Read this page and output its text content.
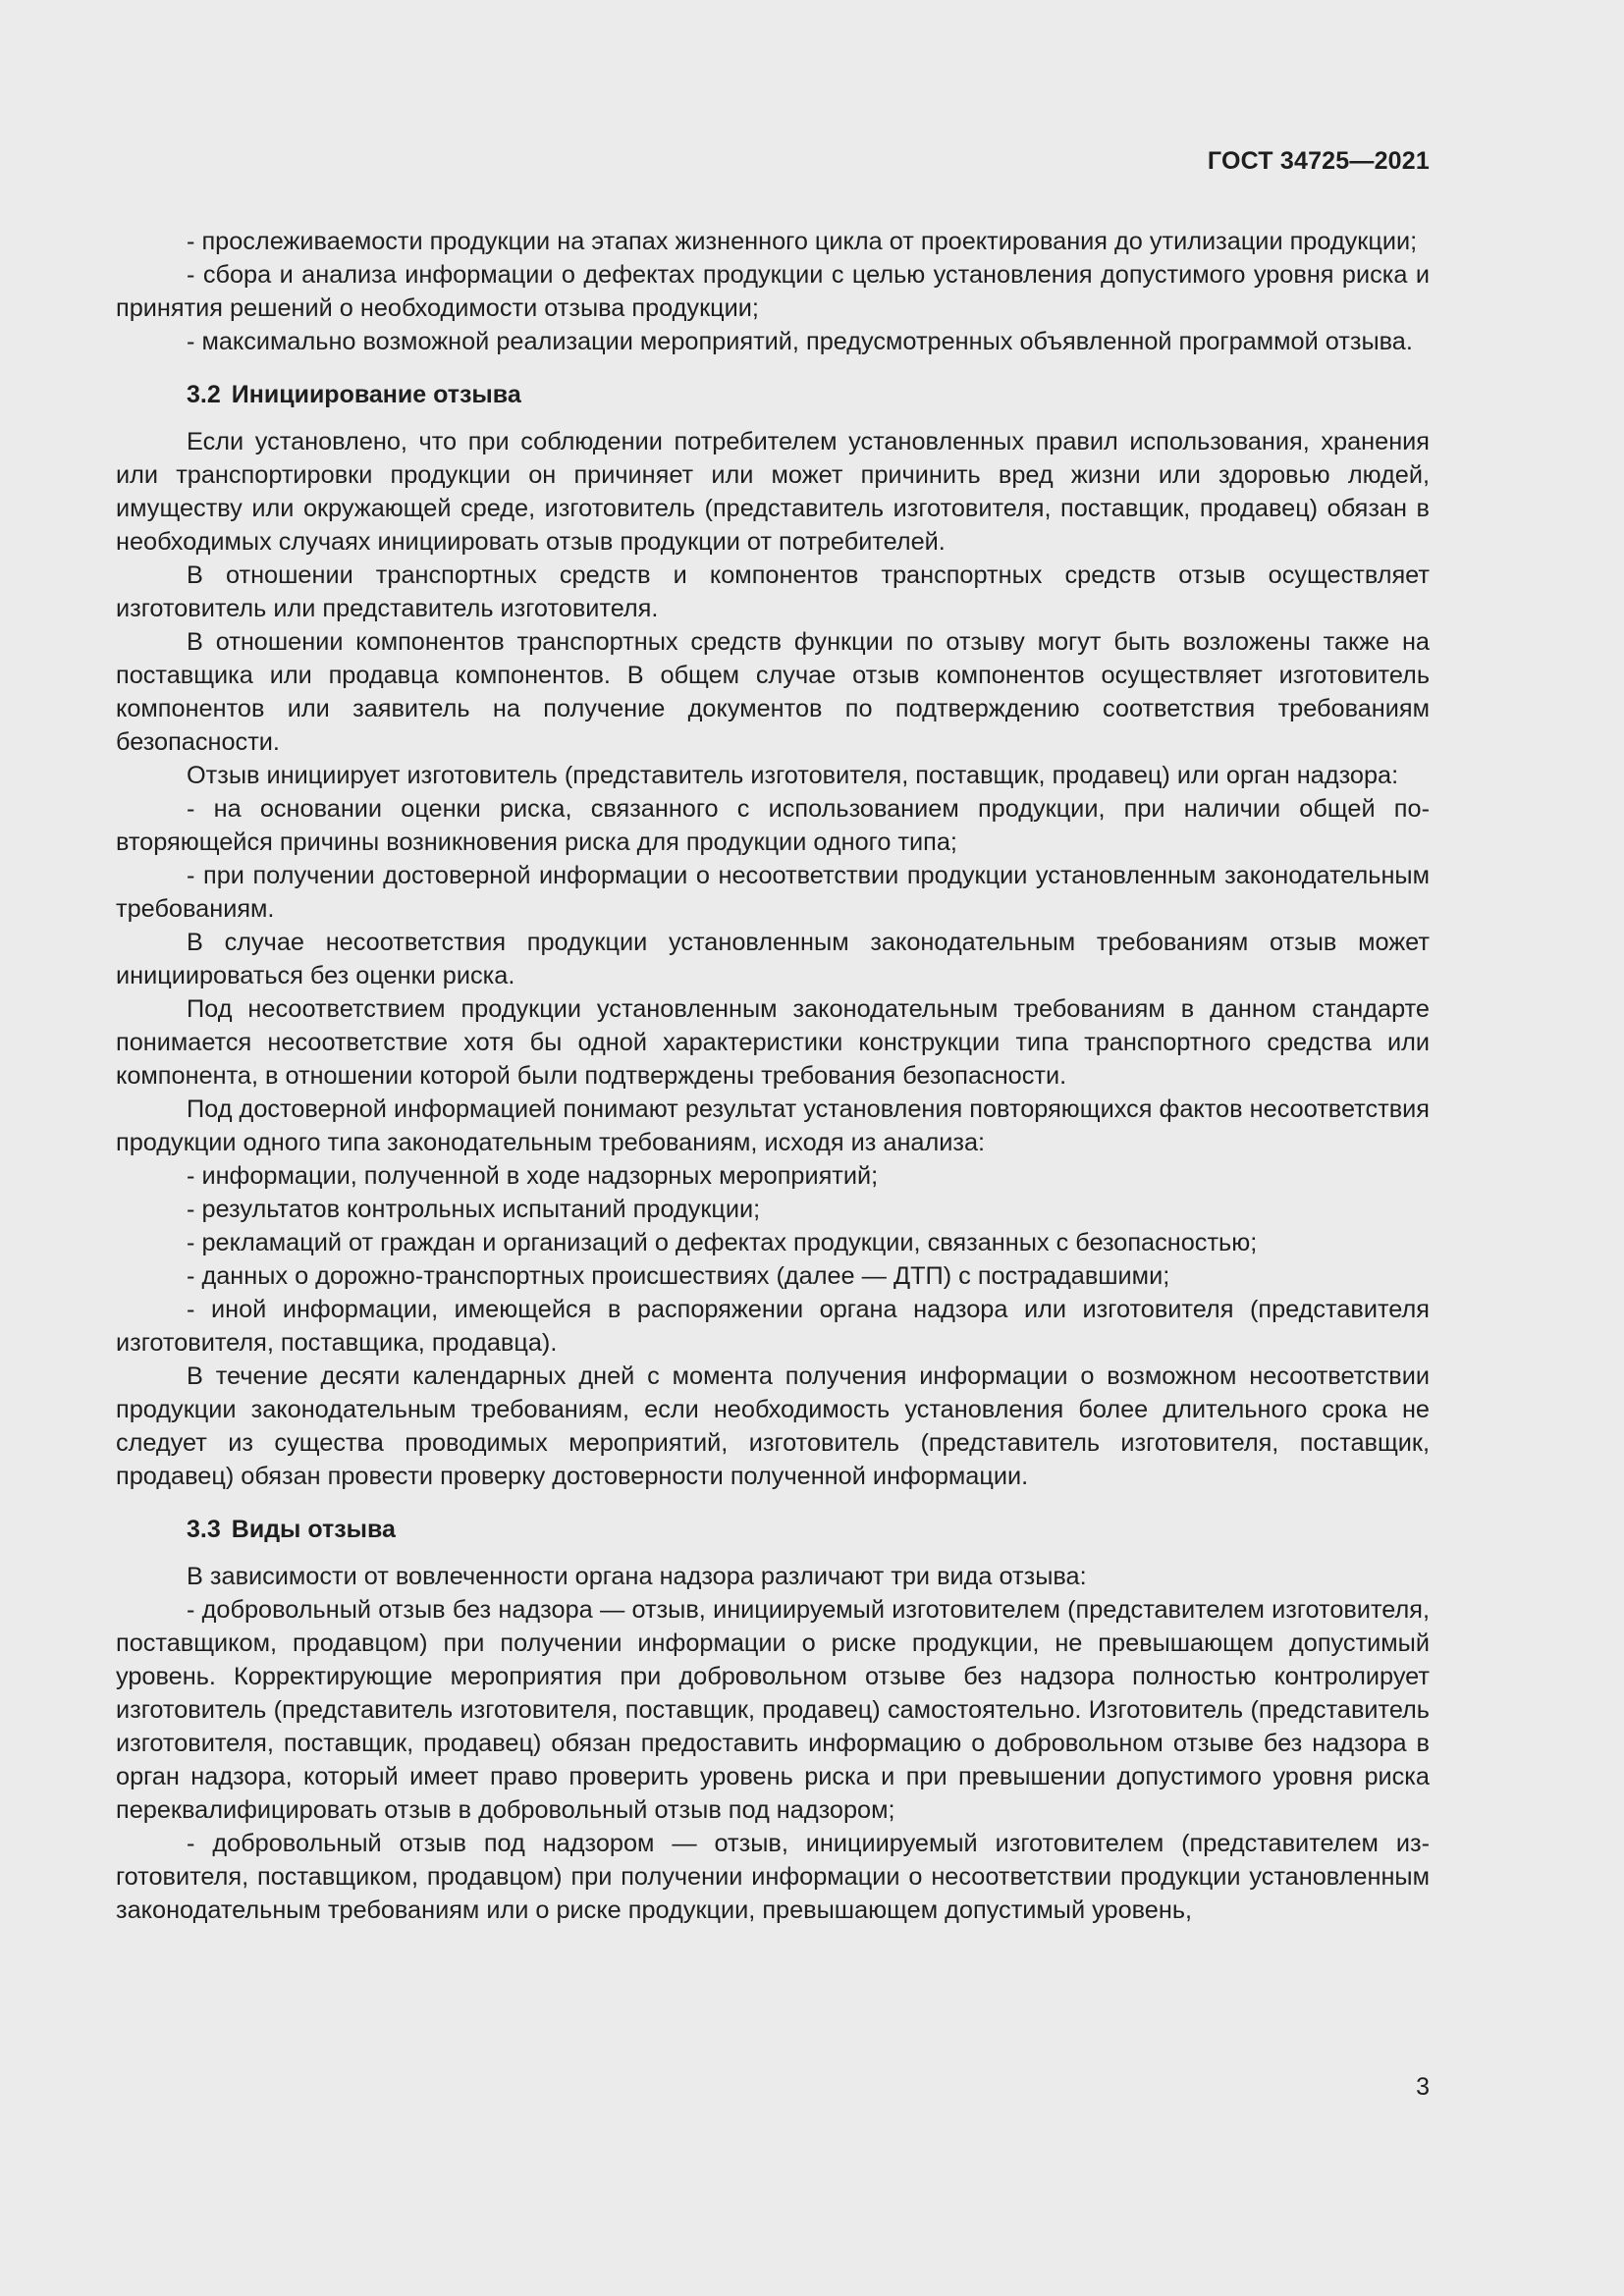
ГОСТ 34725—2021

- прослеживаемости продукции на этапах жизненного цикла от проектирования до утилизации продукции;

- сбора и анализа информации о дефектах продукции с целью установления допустимого уровня риска и принятия решений о необходимости отзыва продукции;

- максимально возможной реализации мероприятий, предусмотренных объявленной программой отзыва.

3.2 Инициирование отзыва

Если установлено, что при соблюдении потребителем установленных правил использования, хранения или транспортировки продукции он причиняет или может причинить вред жизни или здоровью людей, имуществу или окружающей среде, изготовитель (представитель изготовителя, поставщик, продавец) обязан в необходимых случаях инициировать отзыв продукции от потребителей.

В отношении транспортных средств и компонентов транспортных средств отзыв осуществляет изготовитель или представитель изготовителя.

В отношении компонентов транспортных средств функции по отзыву могут быть возложены также на поставщика или продавца компонентов. В общем случае отзыв компонентов осуществляет изготовитель компонентов или заявитель на получение документов по подтверждению соответствия требованиям безопасности.

Отзыв инициирует изготовитель (представитель изготовителя, поставщик, продавец) или орган надзора:

- на основании оценки риска, связанного с использованием продукции, при наличии общей повторяющейся причины возникновения риска для продукции одного типа;

- при получении достоверной информации о несоответствии продукции установленным законодательным требованиям.

В случае несоответствия продукции установленным законодательным требованиям отзыв может инициироваться без оценки риска.

Под несоответствием продукции установленным законодательным требованиям в данном стандарте понимается несоответствие хотя бы одной характеристики конструкции типа транспортного средства или компонента, в отношении которой были подтверждены требования безопасности.

Под достоверной информацией понимают результат установления повторяющихся фактов несоответствия продукции одного типа законодательным требованиям, исходя из анализа:

- информации, полученной в ходе надзорных мероприятий;

- результатов контрольных испытаний продукции;

- рекламаций от граждан и организаций о дефектах продукции, связанных с безопасностью;

- данных о дорожно-транспортных происшествиях (далее — ДТП) с пострадавшими;

- иной информации, имеющейся в распоряжении органа надзора или изготовителя (представителя изготовителя, поставщика, продавца).

В течение десяти календарных дней с момента получения информации о возможном несоответствии продукции законодательным требованиям, если необходимость установления более длительного срока не следует из существа проводимых мероприятий, изготовитель (представитель изготовителя, поставщик, продавец) обязан провести проверку достоверности полученной информации.

3.3 Виды отзыва

В зависимости от вовлеченности органа надзора различают три вида отзыва:

- добровольный отзыв без надзора — отзыв, инициируемый изготовителем (представителем изготовителя, поставщиком, продавцом) при получении информации о риске продукции, не превышающем допустимый уровень. Корректирующие мероприятия при добровольном отзыве без надзора полностью контролирует изготовитель (представитель изготовителя, поставщик, продавец) самостоятельно. Изготовитель (представитель изготовителя, поставщик, продавец) обязан предоставить информацию о добровольном отзыве без надзора в орган надзора, который имеет право проверить уровень риска и при превышении допустимого уровня риска переквалифицировать отзыв в добровольный отзыв под надзором;

- добровольный отзыв под надзором — отзыв, инициируемый изготовителем (представителем изготовителя, поставщиком, продавцом) при получении информации о несоответствии продукции установленным законодательным требованиям или о риске продукции, превышающем допустимый уровень,

3
